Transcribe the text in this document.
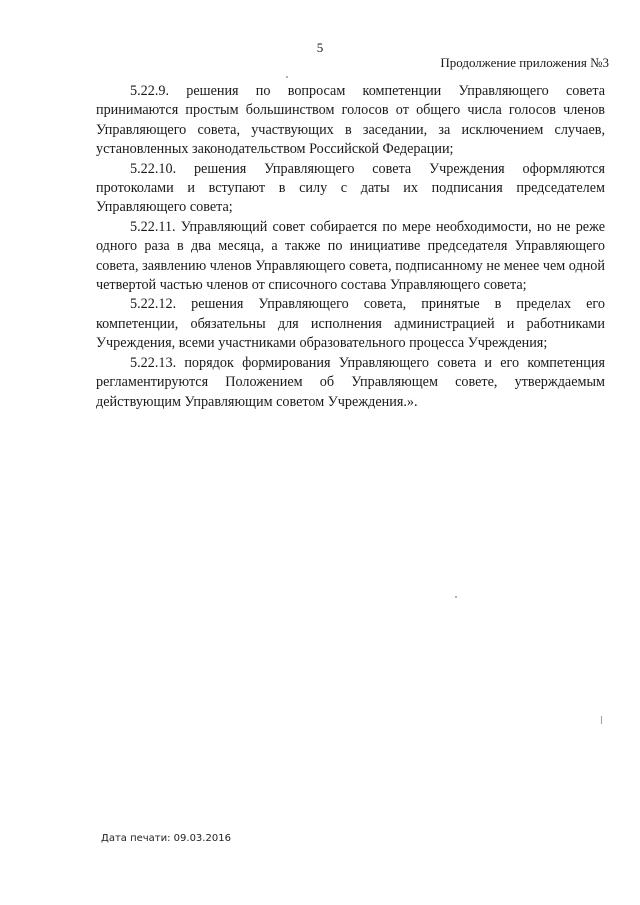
5
Продолжение приложения №3

5.22.9. решения по вопросам компетенции Управляющего совета принимаются простым большинством голосов от общего числа голосов членов Управляющего совета, участвующих в заседании, за исключением случаев, установленных законодательством Российской Федерации;

5.22.10. решения Управляющего совета Учреждения оформляются протоколами и вступают в силу с даты их подписания председателем Управляющего совета;

5.22.11. Управляющий совет собирается по мере необходимости, но не реже одного раза в два месяца, а также по инициативе председателя Управляющего совета, заявлению членов Управляющего совета, подписанному не менее чем одной четвертой частью членов от списочного состава Управляющего совета;

5.22.12. решения Управляющего совета, принятые в пределах его компетенции, обязательны для исполнения администрацией и работниками Учреждения, всеми участниками образовательного процесса Учреждения;

5.22.13. порядок формирования Управляющего совета и его компетенция регламентируются Положением об Управляющем совете, утверждаемым действующим Управляющим советом Учреждения.».

Дата печати: 09.03.2016
